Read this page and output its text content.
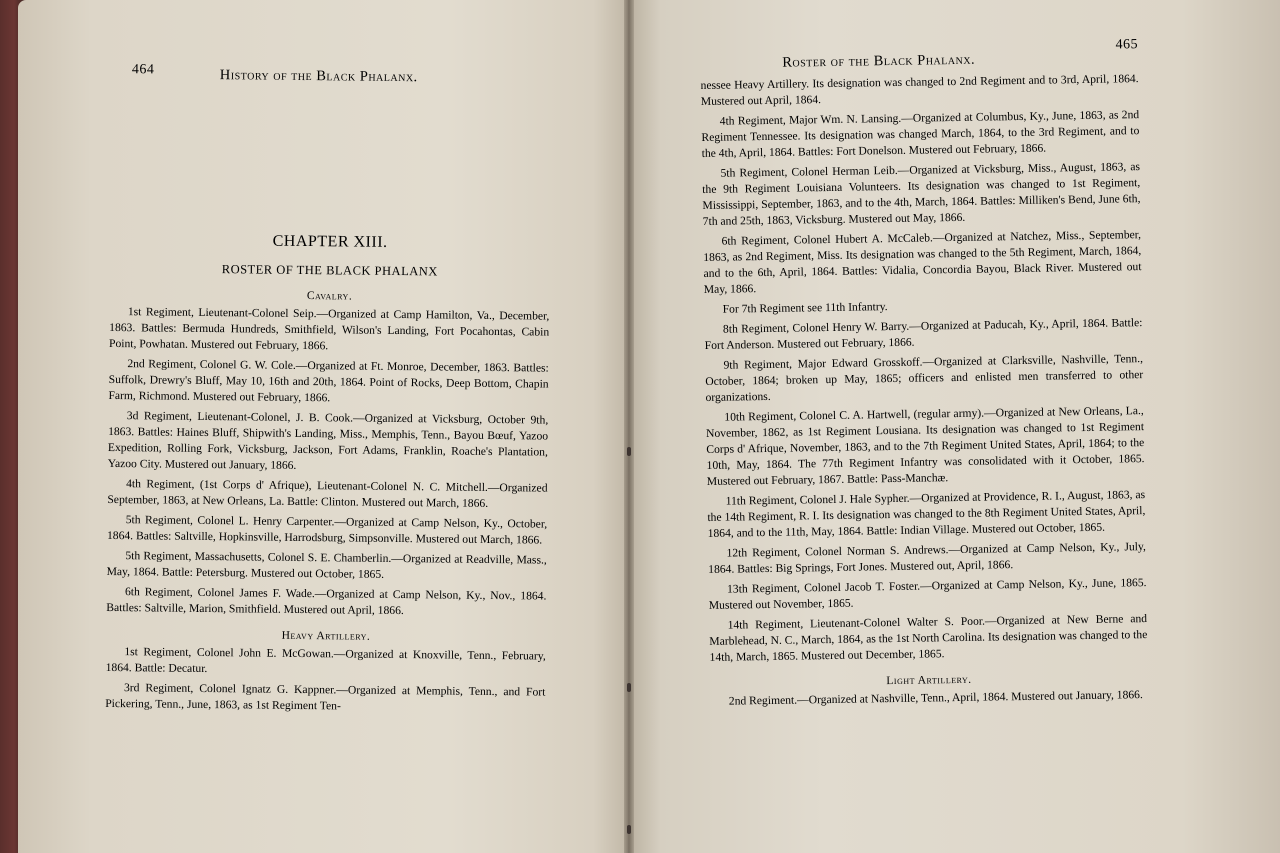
464	History of the Black Phalanx.
CHAPTER XIII.
ROSTER OF THE BLACK PHALANX
Cavalry.

1st Regiment, Lieutenant-Colonel Seip.—Organized at Camp Hamilton, Va., December, 1863. Battles: Bermuda Hundreds, Smithfield, Wilson's Landing, Fort Pocahontas, Cabin Point, Powhatan. Mustered out February, 1866.

2nd Regiment, Colonel G. W. Cole.—Organized at Ft. Monroe, December, 1863. Battles: Suffolk, Drewry's Bluff, May 10, 16th and 20th, 1864. Point of Rocks, Deep Bottom, Chapin Farm, Richmond. Mustered out February, 1866.

3d Regiment, Lieutenant-Colonel, J. B. Cook.—Organized at Vicksburg, October 9th, 1863. Battles: Haines Bluff, Shipwith's Landing, Miss., Memphis, Tenn., Bayou Bœuf, Yazoo Expedition, Rolling Fork, Vicksburg, Jackson, Fort Adams, Franklin, Roache's Plantation, Yazoo City. Mustered out January, 1866.

4th Regiment, (1st Corps d' Afrique), Lieutenant-Colonel N. C. Mitchell.—Organized September, 1863, at New Orleans, La. Battle: Clinton. Mustered out March, 1866.

5th Regiment, Colonel L. Henry Carpenter.—Organized at Camp Nelson, Ky., October, 1864. Battles: Saltville, Hopkinsville, Harrodsburg, Simpsonville. Mustered out March, 1866.

5th Regiment, Massachusetts, Colonel S. E. Chamberlin.—Organized at Readville, Mass., May, 1864. Battle: Petersburg. Mustered out October, 1865.

6th Regiment, Colonel James F. Wade.—Organized at Camp Nelson, Ky., Nov., 1864. Battles: Saltville, Marion, Smithfield. Mustered out April, 1866.

Heavy Artillery.

1st Regiment, Colonel John E. McGowan.—Organized at Knoxville, Tenn., February, 1864. Battle: Decatur.

3rd Regiment, Colonel Ignatz G. Kappner.—Organized at Memphis, Tenn., and Fort Pickering, Tenn., June, 1863, as 1st Regiment Ten-

Roster of the Black Phalanx.
465

nessee Heavy Artillery. Its designation was changed to 2nd Regiment and to 3rd, April, 1864. Mustered out April, 1864.

4th Regiment, Major Wm. N. Lansing.—Organized at Columbus, Ky., June, 1863, as 2nd Regiment Tennessee. Its designation was changed March, 1864, to the 3rd Regiment, and to the 4th, April, 1864. Battles: Fort Donelson. Mustered out February, 1866.

5th Regiment, Colonel Herman Leib.—Organized at Vicksburg, Miss., August, 1863, as the 9th Regiment Louisiana Volunteers. Its designation was changed to 1st Regiment, Mississippi, September, 1863, and to the 4th, March, 1864. Battles: Milliken's Bend, June 6th, 7th and 25th, 1863, Vicksburg. Mustered out May, 1866.

6th Regiment, Colonel Hubert A. McCaleb.—Organized at Natchez, Miss., September, 1863, as 2nd Regiment, Miss. Its designation was changed to the 5th Regiment, March, 1864, and to the 6th, April, 1864. Battles: Vidalia, Concordia Bayou, Black River. Mustered out May, 1866.

For 7th Regiment see 11th Infantry.

8th Regiment, Colonel Henry W. Barry.—Organized at Paducah, Ky., April, 1864. Battle: Fort Anderson. Mustered out February, 1866.

9th Regiment, Major Edward Grosskoff.—Organized at Clarksville, Nashville, Tenn., October, 1864; broken up May, 1865; officers and enlisted men transferred to other organizations.

10th Regiment, Colonel C. A. Hartwell, (regular army).—Organized at New Orleans, La., November, 1862, as 1st Regiment Lousiana. Its designation was changed to 1st Regiment Corps d' Afrique, November, 1863, and to the 7th Regiment United States, April, 1864; to the 10th, May, 1864. The 77th Regiment Infantry was consolidated with it October, 1865. Mustered out February, 1867. Battle: Pass-Manchæ.

11th Regiment, Colonel J. Hale Sypher.—Organized at Providence, R. I., August, 1863, as the 14th Regiment, R. I. Its designation was changed to the 8th Regiment United States, April, 1864, and to the 11th, May, 1864. Battle: Indian Village. Mustered out October, 1865.

12th Regiment, Colonel Norman S. Andrews.—Organized at Camp Nelson, Ky., July, 1864. Battles: Big Springs, Fort Jones. Mustered out, April, 1866.

13th Regiment, Colonel Jacob T. Foster.—Organized at Camp Nelson, Ky., June, 1865. Mustered out November, 1865.

14th Regiment, Lieutenant-Colonel Walter S. Poor.—Organized at New Berne and Marblehead, N. C., March, 1864, as the 1st North Carolina. Its designation was changed to the 14th, March, 1865. Mustered out December, 1865.

Light Artillery.

2nd Regiment.—Organized at Nashville, Tenn., April, 1864. Mustered out January, 1866.
